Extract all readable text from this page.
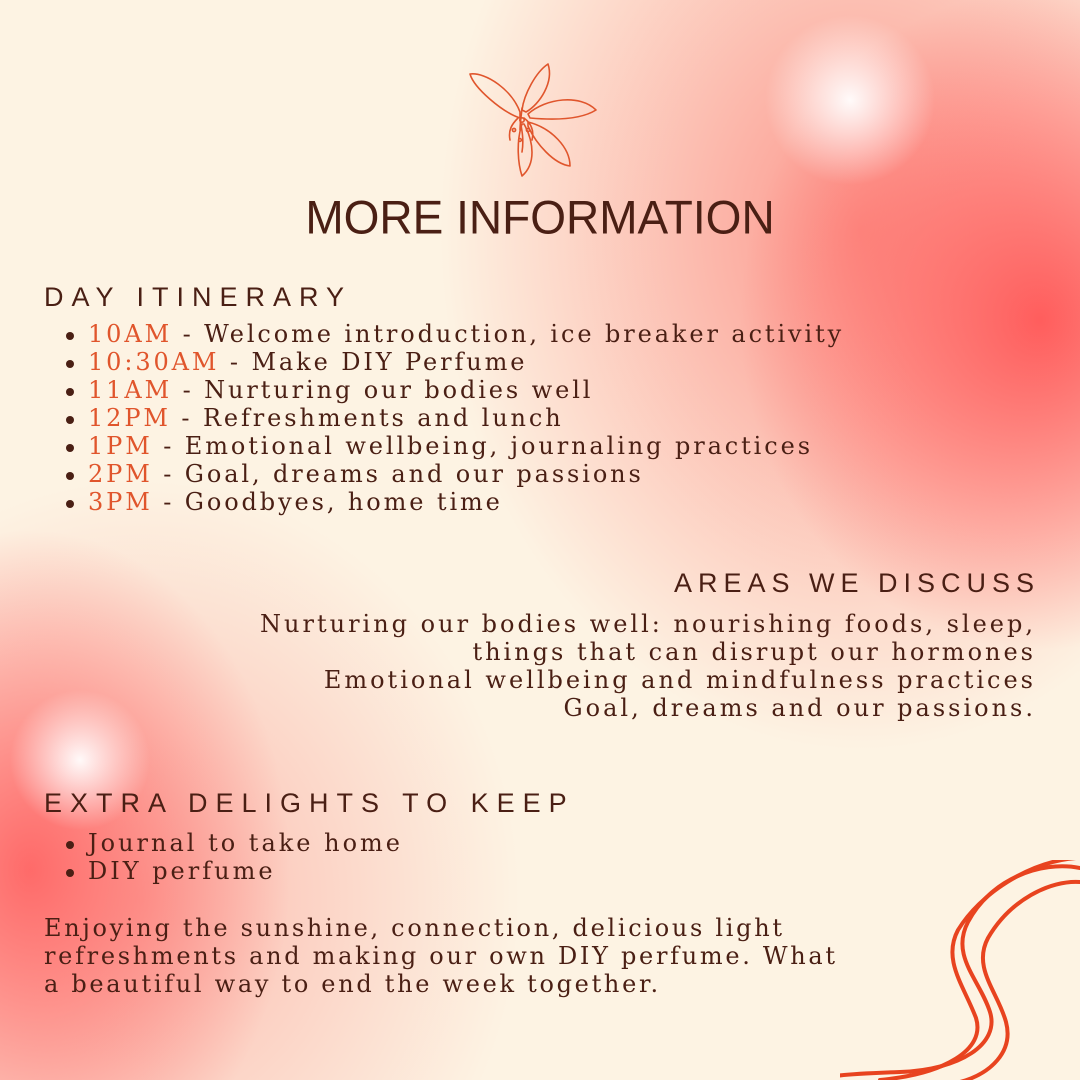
MORE INFORMATION
DAY ITINERARY
10AM - Welcome introduction, ice breaker activity
10:30AM - Make DIY Perfume
11AM - Nurturing our bodies well
12PM - Refreshments and lunch
1PM - Emotional wellbeing, journaling practices
2PM - Goal, dreams and our passions
3PM - Goodbyes, home time
AREAS WE DISCUSS
Nurturing our bodies well: nourishing foods, sleep,
things that can disrupt our hormones
Emotional wellbeing and mindfulness practices
Goal, dreams and our passions.
EXTRA DELIGHTS TO KEEP
Journal to take home
DIY perfume
Enjoying the sunshine, connection, delicious light refreshments and making our own DIY perfume. What a beautiful way to end the week together.
